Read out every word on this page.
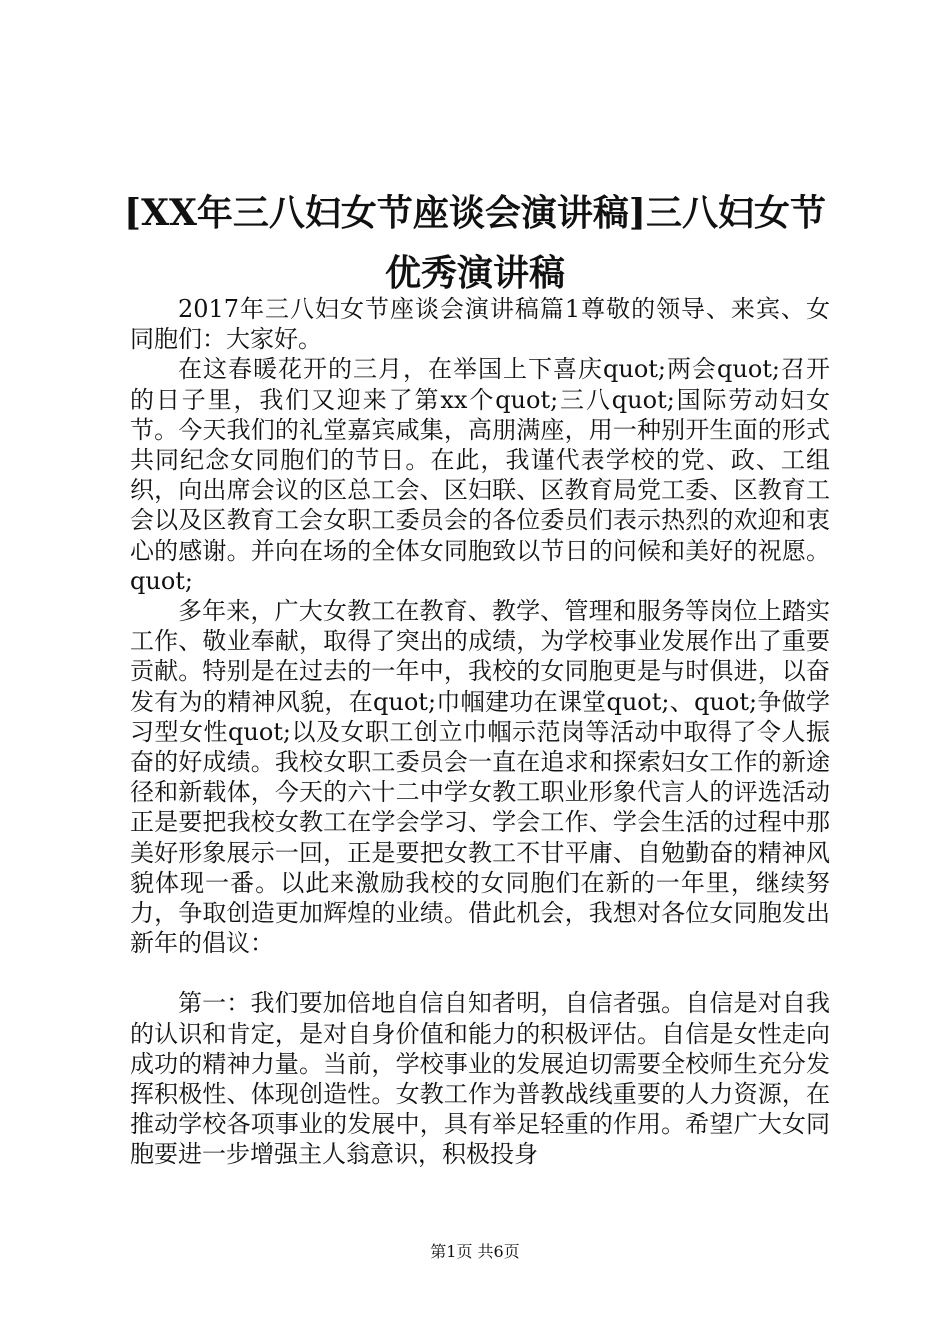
[XX年三八妇女节座谈会演讲稿]三八妇女节
优秀演讲稿

2017年三八妇女节座谈会演讲稿篇1尊敬的领导、来宾、女同胞们：大家好。

在这春暖花开的三月，在举国上下喜庆quot;两会quot;召开的日子里，我们又迎来了第xx个quot;三八quot;国际劳动妇女节。今天我们的礼堂嘉宾咸集，高朋满座，用一种别开生面的形式共同纪念女同胞们的节日。在此，我谨代表学校的党、政、工组织，向出席会议的区总工会、区妇联、区教育局党工委、区教育工会以及区教育工会女职工委员会的各位委员们表示热烈的欢迎和衷心的感谢。并向在场的全体女同胞致以节日的问候和美好的祝愿。quot;

多年来，广大女教工在教育、教学、管理和服务等岗位上踏实工作、敬业奉献，取得了突出的成绩，为学校事业发展作出了重要贡献。特别是在过去的一年中，我校的女同胞更是与时俱进，以奋发有为的精神风貌，在quot;巾帼建功在课堂quot;、quot;争做学习型女性quot;以及女职工创立巾帼示范岗等活动中取得了令人振奋的好成绩。我校女职工委员会一直在追求和探索妇女工作的新途径和新载体，今天的六十二中学女教工职业形象代言人的评选活动正是要把我校女教工在学会学习、学会工作、学会生活的过程中那美好形象展示一回，正是要把女教工不甘平庸、自勉勤奋的精神风貌体现一番。以此来激励我校的女同胞们在新的一年里，继续努力，争取创造更加辉煌的业绩。借此机会，我想对各位女同胞发出新年的倡议：

第一：我们要加倍地自信自知者明，自信者强。自信是对自我的认识和肯定，是对自身价值和能力的积极评估。自信是女性走向成功的精神力量。当前，学校事业的发展迫切需要全校师生充分发挥积极性、体现创造性。女教工作为普教战线重要的人力资源，在推动学校各项事业的发展中，具有举足轻重的作用。希望广大女同胞要进一步增强主人翁意识，积极投身

第1页 共6页
